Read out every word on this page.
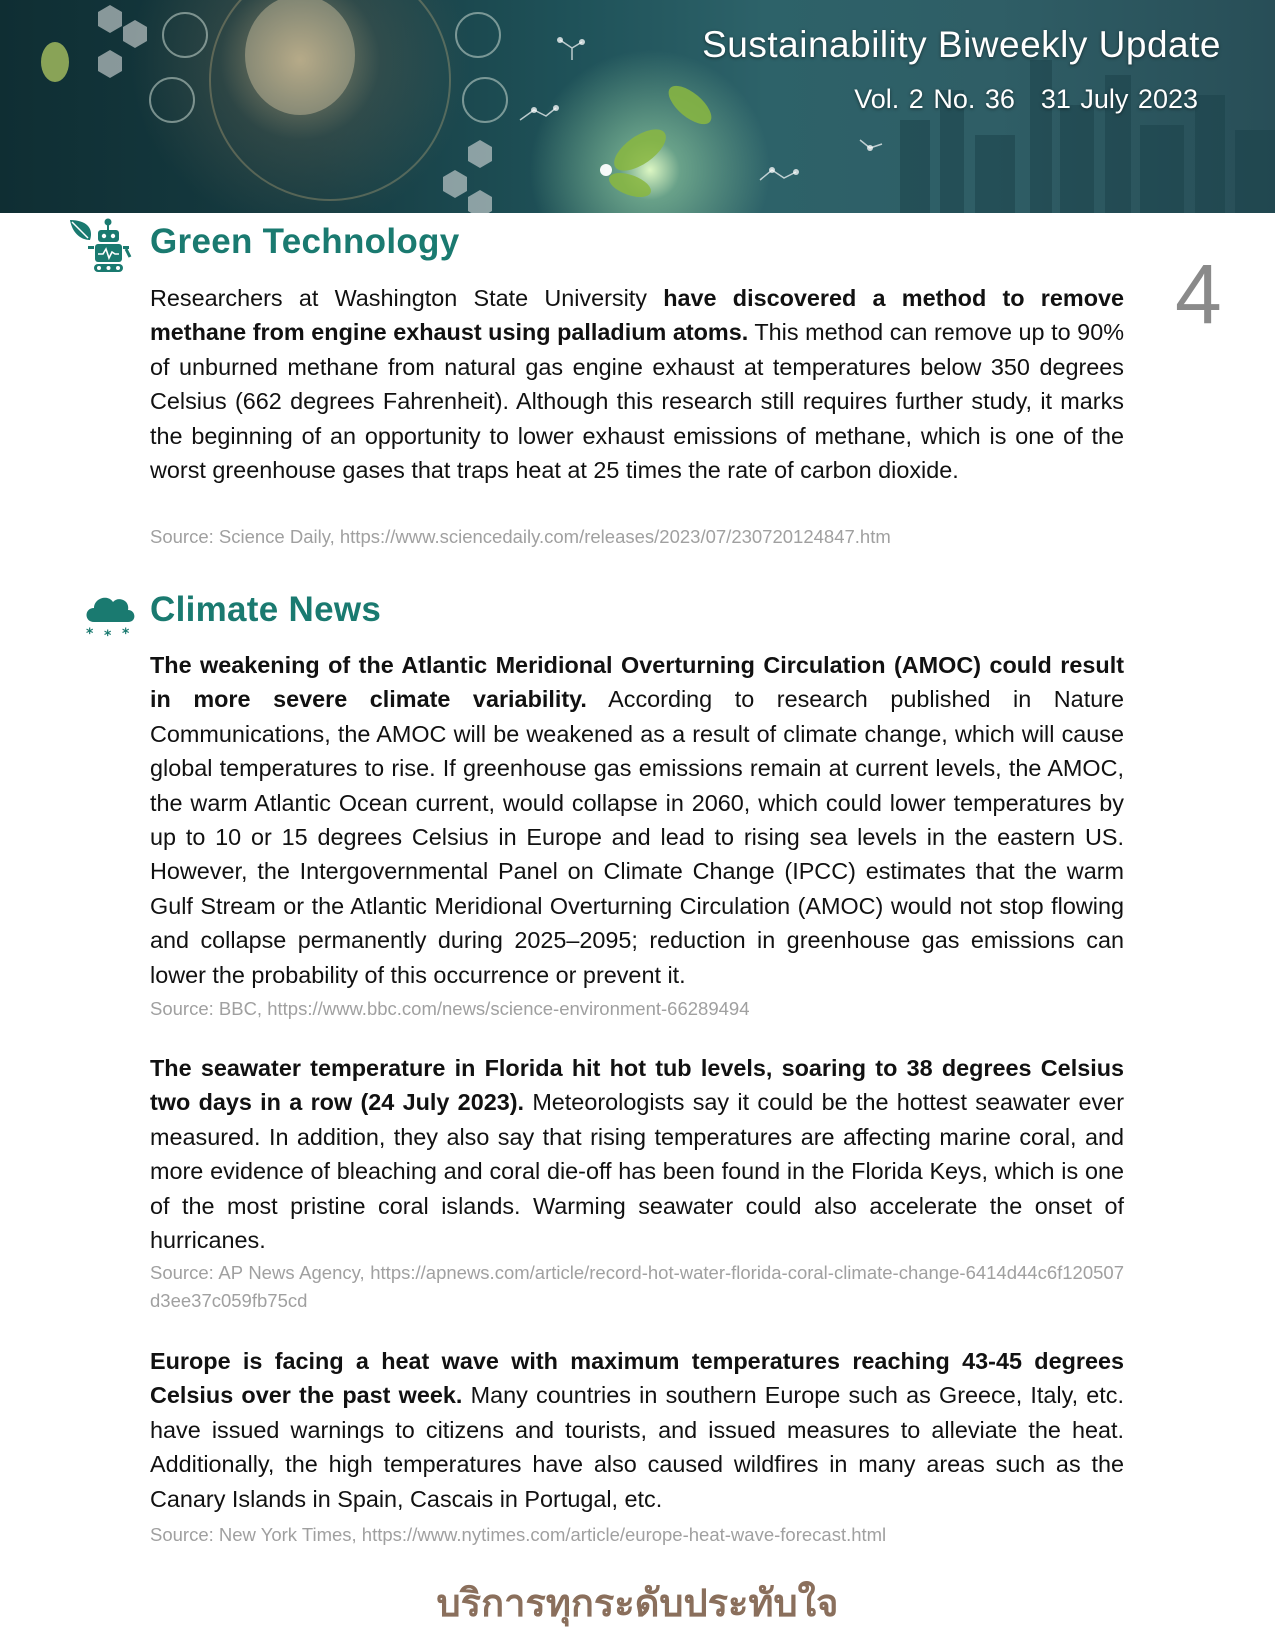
Sustainability Biweekly Update
Vol. 2 No. 36 31 July 2023
4
Green Technology

Researchers at Washington State University have discovered a method to remove methane from engine exhaust using palladium atoms. This method can remove up to 90% of unburned methane from natural gas engine exhaust at temperatures below 350 degrees Celsius (662 degrees Fahrenheit). Although this research still requires further study, it marks the beginning of an opportunity to lower exhaust emissions of methane, which is one of the worst greenhouse gases that traps heat at 25 times the rate of carbon dioxide.

Source: Science Daily, https://www.sciencedaily.com/releases/2023/07/230720124847.htm

* * *
Climate News

The weakening of the Atlantic Meridional Overturning Circulation (AMOC) could result in more severe climate variability. According to research published in Nature Communications, the AMOC will be weakened as a result of climate change, which will cause global temperatures to rise. If greenhouse gas emissions remain at current levels, the AMOC, the warm Atlantic Ocean current, would collapse in 2060, which could lower temperatures by up to 10 or 15 degrees Celsius in Europe and lead to rising sea levels in the eastern US. However, the Intergovernmental Panel on Climate Change (IPCC) estimates that the warm Gulf Stream or the Atlantic Meridional Overturning Circulation (AMOC) would not stop flowing and collapse permanently during 2025–2095; reduction in greenhouse gas emissions can lower the probability of this occurrence or prevent it.

Source: BBC, https://www.bbc.com/news/science-environment-66289494

The seawater temperature in Florida hit hot tub levels, soaring to 38 degrees Celsius two days in a row (24 July 2023). Meteorologists say it could be the hottest seawater ever measured. In addition, they also say that rising temperatures are affecting marine coral, and more evidence of bleaching and coral die-off has been found in the Florida Keys, which is one of the most pristine coral islands. Warming seawater could also accelerate the onset of hurricanes.

Source: AP News Agency, https://apnews.com/article/record-hot-water-florida-coral-climate-change-6414d44c6f120507d3ee37c059fb75cd

Europe is facing a heat wave with maximum temperatures reaching 43-45 degrees Celsius over the past week. Many countries in southern Europe such as Greece, Italy, etc. have issued warnings to citizens and tourists, and issued measures to alleviate the heat. Additionally, the high temperatures have also caused wildfires in many areas such as the Canary Islands in Spain, Cascais in Portugal, etc.

Source: New York Times, https://www.nytimes.com/article/europe-heat-wave-forecast.html

บริการทุกระดับประทับใจ
